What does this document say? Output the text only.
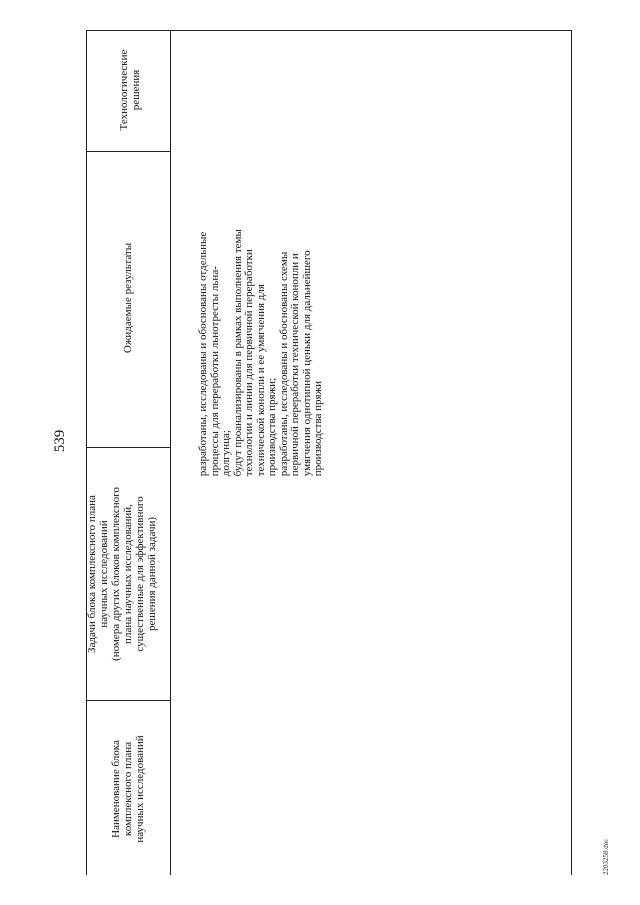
539
Наименование блока комплексного плана научных исследований
Задачи блока комплексного плана научных исследований (номера других блоков комплексного плана научных исследований, существенные для эффективного решения данной задачи)
Ожидаемые результаты
Технологические решения
разработаны, исследованы и обоснованы отдельные процессы для переработки льнотресты льна- долгунца; будут проанализированы в рамках выполнения темы технологии и линии для первичной переработки технической конопли и ее умягчения для производства пряжи; разработаны, исследованы и обоснованы схемы первичной переработки технической конопли и умягчения однотипной ценьки для дальнейшего производства пряжи
2203258.doc
